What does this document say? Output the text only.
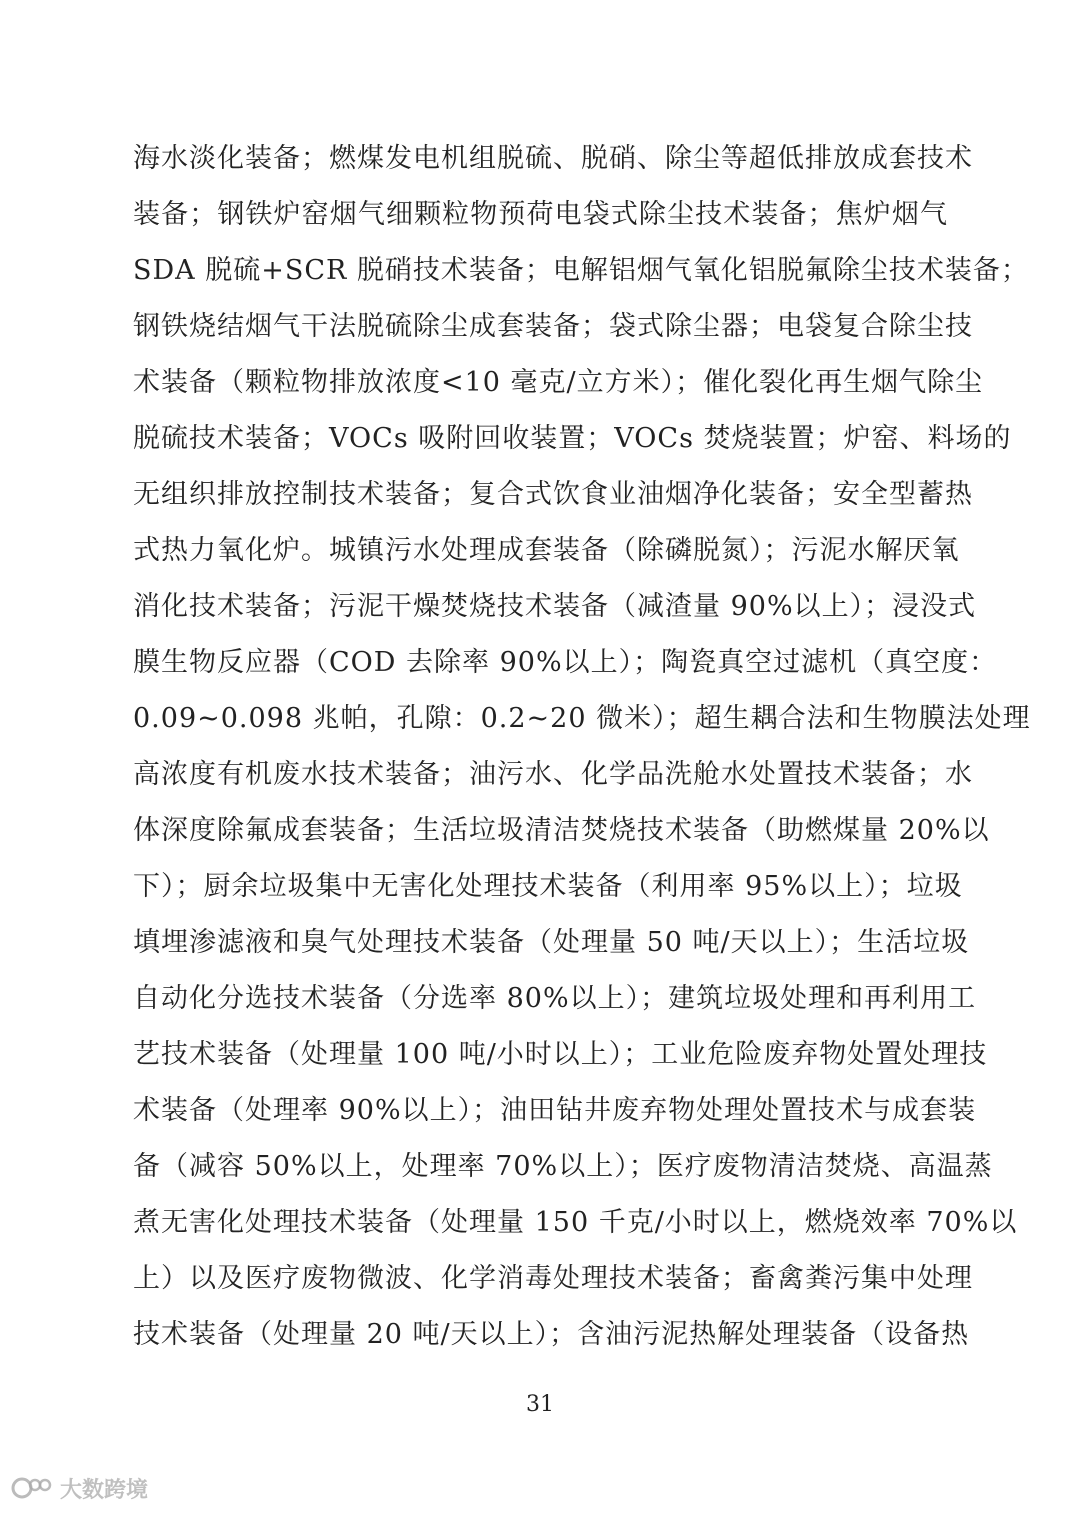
海水淡化装备；燃煤发电机组脱硫、脱硝、除尘等超低排放成套技术
装备；钢铁炉窑烟气细颗粒物预荷电袋式除尘技术装备；焦炉烟气
SDA 脱硫+SCR 脱硝技术装备；电解铝烟气氧化铝脱氟除尘技术装备；
钢铁烧结烟气干法脱硫除尘成套装备；袋式除尘器；电袋复合除尘技
术装备（颗粒物排放浓度<10 毫克/立方米）；催化裂化再生烟气除尘
脱硫技术装备；VOCs 吸附回收装置；VOCs 焚烧装置；炉窑、料场的
无组织排放控制技术装备；复合式饮食业油烟净化装备；安全型蓄热
式热力氧化炉。城镇污水处理成套装备（除磷脱氮）；污泥水解厌氧
消化技术装备；污泥干燥焚烧技术装备（减渣量 90%以上）；浸没式
膜生物反应器（COD 去除率 90%以上）；陶瓷真空过滤机（真空度：
0.09~0.098 兆帕，孔隙：0.2~20 微米）；超生耦合法和生物膜法处理
高浓度有机废水技术装备；油污水、化学品洗舱水处置技术装备；水
体深度除氟成套装备；生活垃圾清洁焚烧技术装备（助燃煤量 20%以
下）；厨余垃圾集中无害化处理技术装备（利用率 95%以上）；垃圾
填埋渗滤液和臭气处理技术装备（处理量 50 吨/天以上）；生活垃圾
自动化分选技术装备（分选率 80%以上）；建筑垃圾处理和再利用工
艺技术装备（处理量 100 吨/小时以上）；工业危险废弃物处置处理技
术装备（处理率 90%以上）；油田钻井废弃物处理处置技术与成套装
备（减容 50%以上，处理率 70%以上）；医疗废物清洁焚烧、高温蒸
煮无害化处理技术装备（处理量 150 千克/小时以上，燃烧效率 70%以
上）以及医疗废物微波、化学消毒处理技术装备；畜禽粪污集中处理
技术装备（处理量 20 吨/天以上）；含油污泥热解处理装备（设备热
31
大数跨境
